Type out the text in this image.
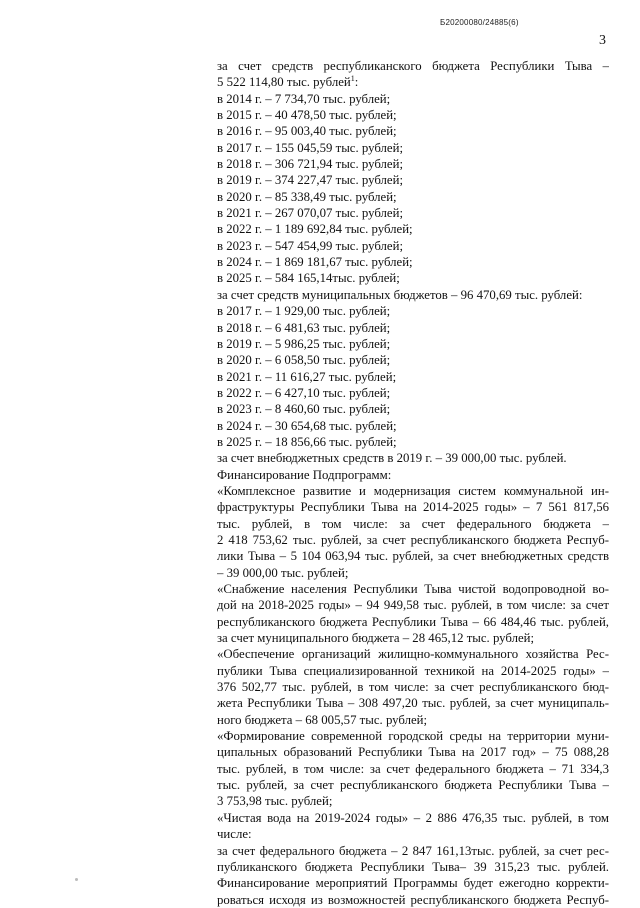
Б20200080/24885(6)
3
за счет средств республиканского бюджета Республики Тыва –
5 522 114,80 тыс. рублей$^1$:
в 2014 г. – 7 734,70 тыс. рублей;
в 2015 г. – 40 478,50 тыс. рублей;
в 2016 г. – 95 003,40 тыс. рублей;
в 2017 г. – 155 045,59 тыс. рублей;
в 2018 г. – 306 721,94 тыс. рублей;
в 2019 г. – 374 227,47 тыс. рублей;
в 2020 г. – 85 338,49 тыс. рублей;
в 2021 г. – 267 070,07 тыс. рублей;
в 2022 г. – 1 189 692,84 тыс. рублей;
в 2023 г. – 547 454,99 тыс. рублей;
в 2024 г. – 1 869 181,67 тыс. рублей;
в 2025 г. – 584 165,14тыс. рублей;
за счет средств муниципальных бюджетов – 96 470,69 тыс. рублей:
в 2017 г. – 1 929,00 тыс. рублей;
в 2018 г. – 6 481,63 тыс. рублей;
в 2019 г. – 5 986,25 тыс. рублей;
в 2020 г. – 6 058,50 тыс. рублей;
в 2021 г. – 11 616,27 тыс. рублей;
в 2022 г. – 6 427,10 тыс. рублей;
в 2023 г. – 8 460,60 тыс. рублей;
в 2024 г. – 30 654,68 тыс. рублей;
в 2025 г. – 18 856,66 тыс. рублей;
за счет внебюджетных средств в 2019 г. – 39 000,00 тыс. рублей.
Финансирование Подпрограмм:
«Комплексное развитие и модернизация систем коммунальной ин-
фраструктуры Республики Тыва на 2014-2025 годы» – 7 561 817,56
тыс. рублей, в том числе: за счет федерального бюджета –
2 418 753,62 тыс. рублей, за счет республиканского бюджета Респуб-
лики Тыва – 5 104 063,94 тыс. рублей, за счет внебюджетных средств
– 39 000,00 тыс. рублей;
«Снабжение населения Республики Тыва чистой водопроводной во-
дой на 2018-2025 годы» – 94 949,58 тыс. рублей, в том числе: за счет
республиканского бюджета Республики Тыва – 66 484,46 тыс. рублей,
за счет муниципального бюджета – 28 465,12 тыс. рублей;
«Обеспечение организаций жилищно-коммунального хозяйства Рес-
публики Тыва специализированной техникой на 2014-2025 годы» –
376 502,77 тыс. рублей, в том числе: за счет республиканского бюд-
жета Республики Тыва – 308 497,20 тыс. рублей, за счет муниципаль-
ного бюджета – 68 005,57 тыс. рублей;
«Формирование современной городской среды на территории муни-
ципальных образований Республики Тыва на 2017 год» – 75 088,28
тыс. рублей, в том числе: за счет федерального бюджета – 71 334,3
тыс. рублей, за счет республиканского бюджета Республики Тыва –
3 753,98 тыс. рублей;
«Чистая вода на 2019-2024 годы» – 2 886 476,35 тыс. рублей, в том
числе:
за счет федерального бюджета – 2 847 161,13тыс. рублей, за счет рес-
публиканского бюджета Республики Тыва– 39 315,23 тыс. рублей.
Финансирование мероприятий Программы будет ежегодно корректи-
роваться исходя из возможностей республиканского бюджета Респуб-
